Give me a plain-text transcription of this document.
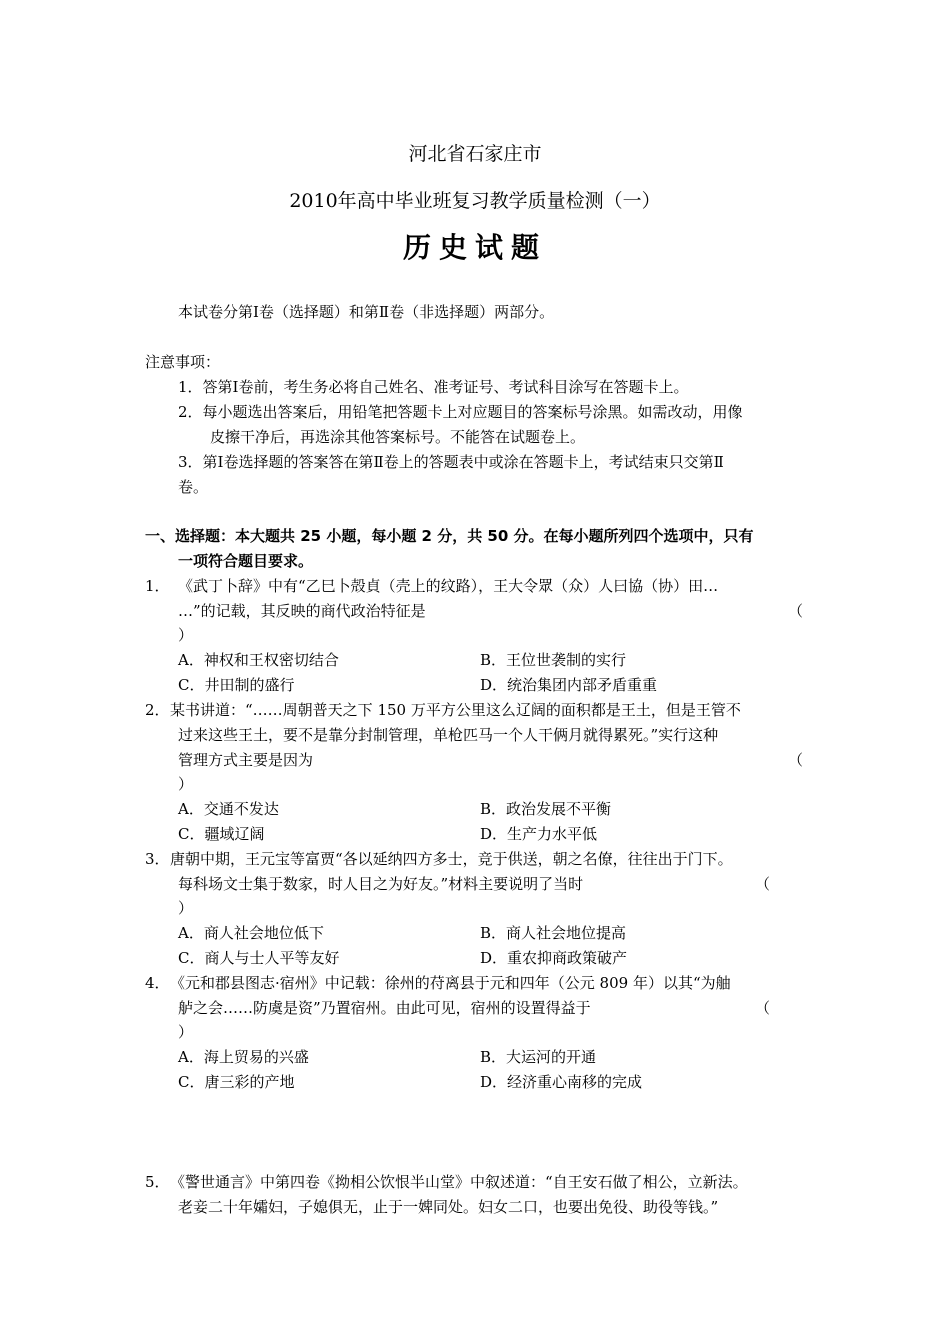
河北省石家庄市
2010年高中毕业班复习教学质量检测（一）
历史试题
本试卷分第Ⅰ卷（选择题）和第Ⅱ卷（非选择题）两部分。
注意事项：
1．答第Ⅰ卷前，考生务必将自己姓名、准考证号、考试科目涂写在答题卡上。
2．每小题选出答案后，用铅笔把答题卡上对应题目的答案标号涂黑。如需改动，用像
皮擦干净后，再选涂其他答案标号。不能答在试题卷上。
3．第Ⅰ卷选择题的答案答在第Ⅱ卷上的答题表中或涂在答题卡上，考试结束只交第Ⅱ
卷。
一、选择题：本大题共 25 小题，每小题 2 分，共 50 分。在每小题所列四个选项中，只有
一项符合题目要求。
1． 《武丁卜辞》中有“乙巳卜殻貞（壳上的纹路），王大令眾（众）人曰協（协）田…
…”的记载，其反映的商代政治特征是	（
）
A．神权和王权密切结合	B．王位世袭制的实行
C．井田制的盛行	D．统治集团内部矛盾重重
2． 某书讲道：“……周朝普天之下 150 万平方公里这么辽阔的面积都是王土，但是王管不
过来这些王土，要不是靠分封制管理，单枪匹马一个人干俩月就得累死。”实行这种
管理方式主要是因为	（
）
A．交通不发达	B．政治发展不平衡
C．疆域辽阔	D．生产力水平低
3． 唐朝中期，王元宝等富贾“各以延纳四方多士，竞于供送，朝之名僚，往往出于门下。
每科场文士集于数家，时人目之为好友。”材料主要说明了当时	（
）
A．商人社会地位低下	B．商人社会地位提高
C．商人与士人平等友好	D．重农抑商政策破产
4． 《元和郡县图志·宿州》中记载：徐州的苻离县于元和四年（公元 809 年）以其“为舳
舻之会……防虞是资”乃置宿州。由此可见，宿州的设置得益于	（
）
A．海上贸易的兴盛	B．大运河的开通
C．唐三彩的产地	D．经济重心南移的完成
5． 《警世通言》中第四卷《拗相公饮恨半山堂》中叙述道：“自王安石做了相公，立新法。
老妾二十年孀妇，子媳俱无，止于一婢同处。妇女二口，也要出免役、助役等钱。”
